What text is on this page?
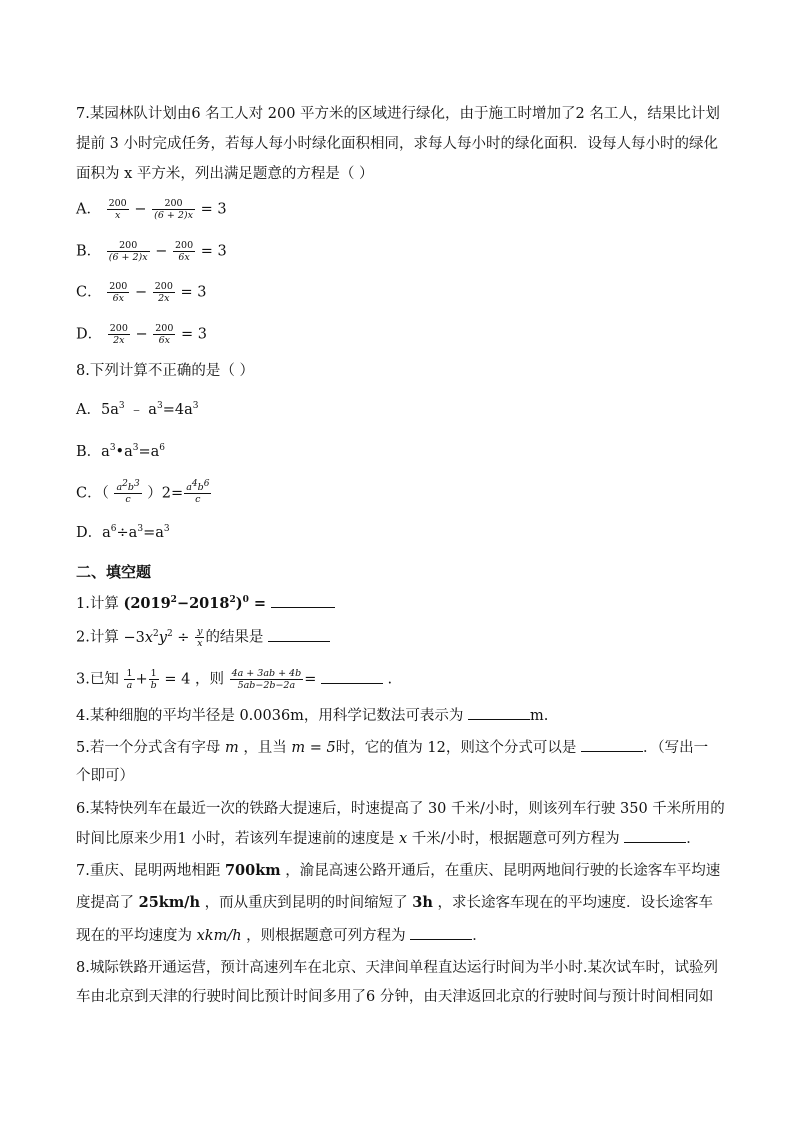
7.某园林队计划由6 名工人对 200 平方米的区域进行绿化，由于施工时增加了2 名工人，结果比计划
提前 3 小时完成任务，若每人每小时绿化面积相同，求每人每小时的绿化面积．设每人每小时的绿化
面积为 x 平方米，列出满足题意的方程是（ ）
A． $\frac{200}{x} - \frac{200}{(6 + 2)x} = 3$
B． $\frac{200}{(6 + 2)x} - \frac{200}{6x} = 3$
C． $\frac{200}{6x} - \frac{200}{2x} = 3$
D． $\frac{200}{2x} - \frac{200}{6x} = 3$
8.下列计算不正确的是（ ）
A．$5a^3$ ﹣ $a^3=4a^3$
B．$a^3•a^3=a^6$
C．（ $\frac{a^2b^3}{c} )2= \frac{a^4b^6}{c}$
D．$a^6\div a^3=a^3$
二、填空题
1.计算 $(2019^2-2018^2)^0$ =
2.计算 $-3x^2y^2 \div \frac{y}{x}$ 的结果是
3.已知 $\frac{1}{a} + \frac{1}{b} = 4$ ，则 $\frac{4a + 3ab + 4b}{5ab-2b-2a}$ =	.
4.某种细胞的平均半径是 0.0036m，用科学记数法可表示为	m.
5.若一个分式含有字母 m ，且当 m = 5时，它的值为 12，则这个分式可以是	．（写出一
个即可）
6.某特快列车在最近一次的铁路大提速后，时速提高了 30 千米/小时，则该列车行驶 350 千米所用的
时间比原来少用1 小时，若该列车提速前的速度是 x 千米/小时，根据题意可列方程为	．
7.重庆、昆明两地相距 700km ，渝昆高速公路开通后，在重庆、昆明两地间行驶的长途客车平均速
度提高了 25km/h ，而从重庆到昆明的时间缩短了 3h ，求长途客车现在的平均速度．设长途客车
现在的平均速度为 xkm/h ，则根据题意可列方程为	．
8.城际铁路开通运营，预计高速列车在北京、天津间单程直达运行时间为半小时.某次试车时，试验列
车由北京到天津的行驶时间比预计时间多用了6 分钟，由天津返回北京的行驶时间与预计时间相同如
